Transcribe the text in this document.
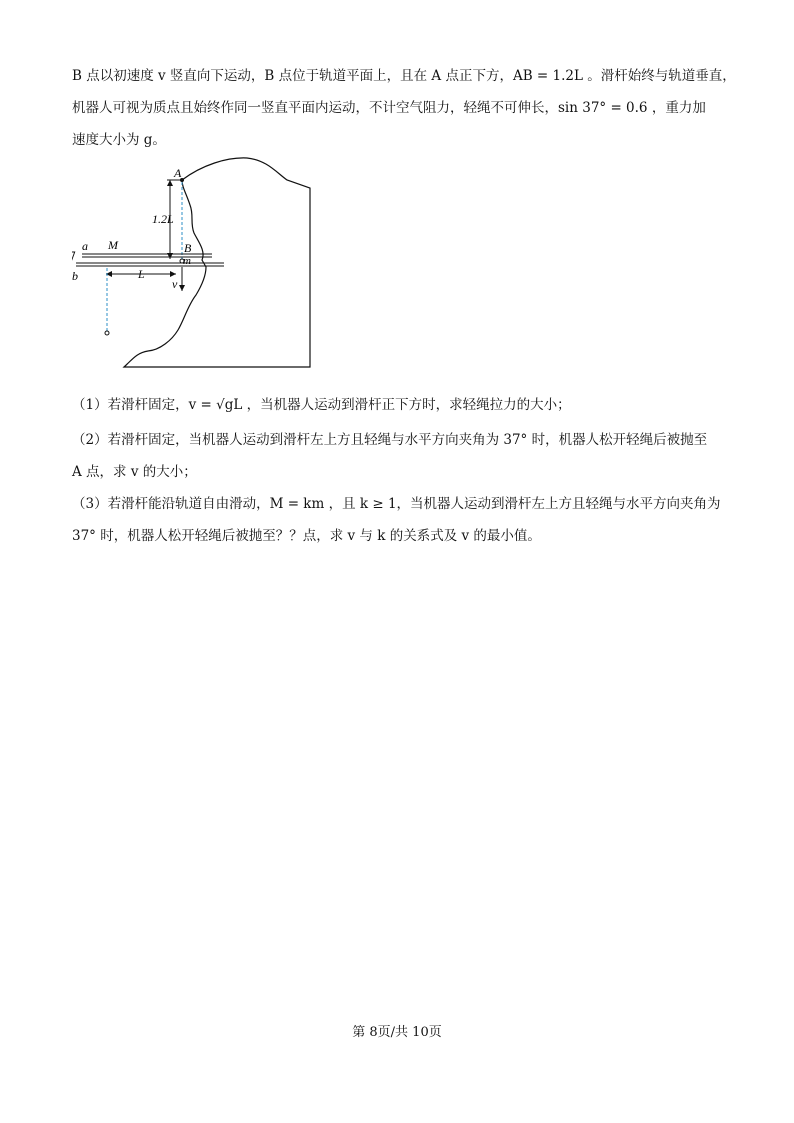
B 点以初速度 v 竖直向下运动，B 点位于轨道平面上，且在 A 点正下方，AB = 1.2L 。滑杆始终与轨道垂直，
机器人可视为质点且始终作同一竖直平面内运动，不计空气阻力，轻绳不可伸长，sin 37° = 0.6 ，重力加
速度大小为 g。
A
1.2L
a
b
M	B
m
L
v
（1）若滑杆固定，v = √gL ，当机器人运动到滑杆正下方时，求轻绳拉力的大小；
（2）若滑杆固定，当机器人运动到滑杆左上方且轻绳与水平方向夹角为 37° 时，机器人松开轻绳后被抛至
A 点，求 v 的大小；
（3）若滑杆能沿轨道自由滑动，M = km ，且 k ≥ 1，当机器人运动到滑杆左上方且轻绳与水平方向夹角为
37° 时，机器人松开轻绳后被抛至？？点，求 v 与 k 的关系式及 v 的最小值。
第 8页/共 10页
